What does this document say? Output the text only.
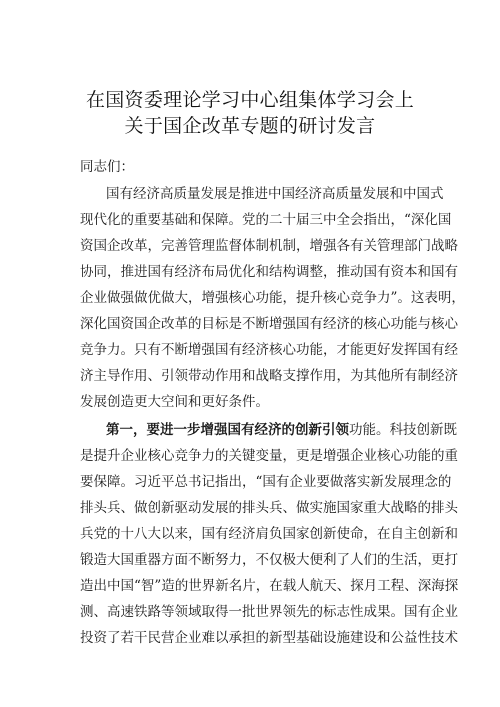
在国资委理论学习中心组集体学习会上
关于国企改革专题的研讨发言
同志们：
国有经济高质量发展是推进中国经济高质量发展和中国式
现代化的重要基础和保障。党的二十届三中全会指出，“深化国
资国企改革，完善管理监督体制机制，增强各有关管理部门战略
协同，推进国有经济布局优化和结构调整，推动国有资本和国有
企业做强做优做大，增强核心功能，提升核心竞争力”。这表明，
深化国资国企改革的目标是不断增强国有经济的核心功能与核心
竞争力。只有不断增强国有经济核心功能，才能更好发挥国有经
济主导作用、引领带动作用和战略支撑作用，为其他所有制经济
发展创造更大空间和更好条件。
第一，要进一步增强国有经济的创新引领功能。科技创新既
是提升企业核心竞争力的关键变量，更是增强企业核心功能的重
要保障。习近平总书记指出，“国有企业要做落实新发展理念的
排头兵、做创新驱动发展的排头兵、做实施国家重大战略的排头
兵党的十八大以来，国有经济肩负国家创新使命，在自主创新和
锻造大国重器方面不断努力，不仅极大便利了人们的生活，更打
造出中国“智”造的世界新名片，在载人航天、探月工程、深海探
测、高速铁路等领域取得一批世界领先的标志性成果。国有企业
投资了若干民营企业难以承担的新型基础设施建设和公益性技术
